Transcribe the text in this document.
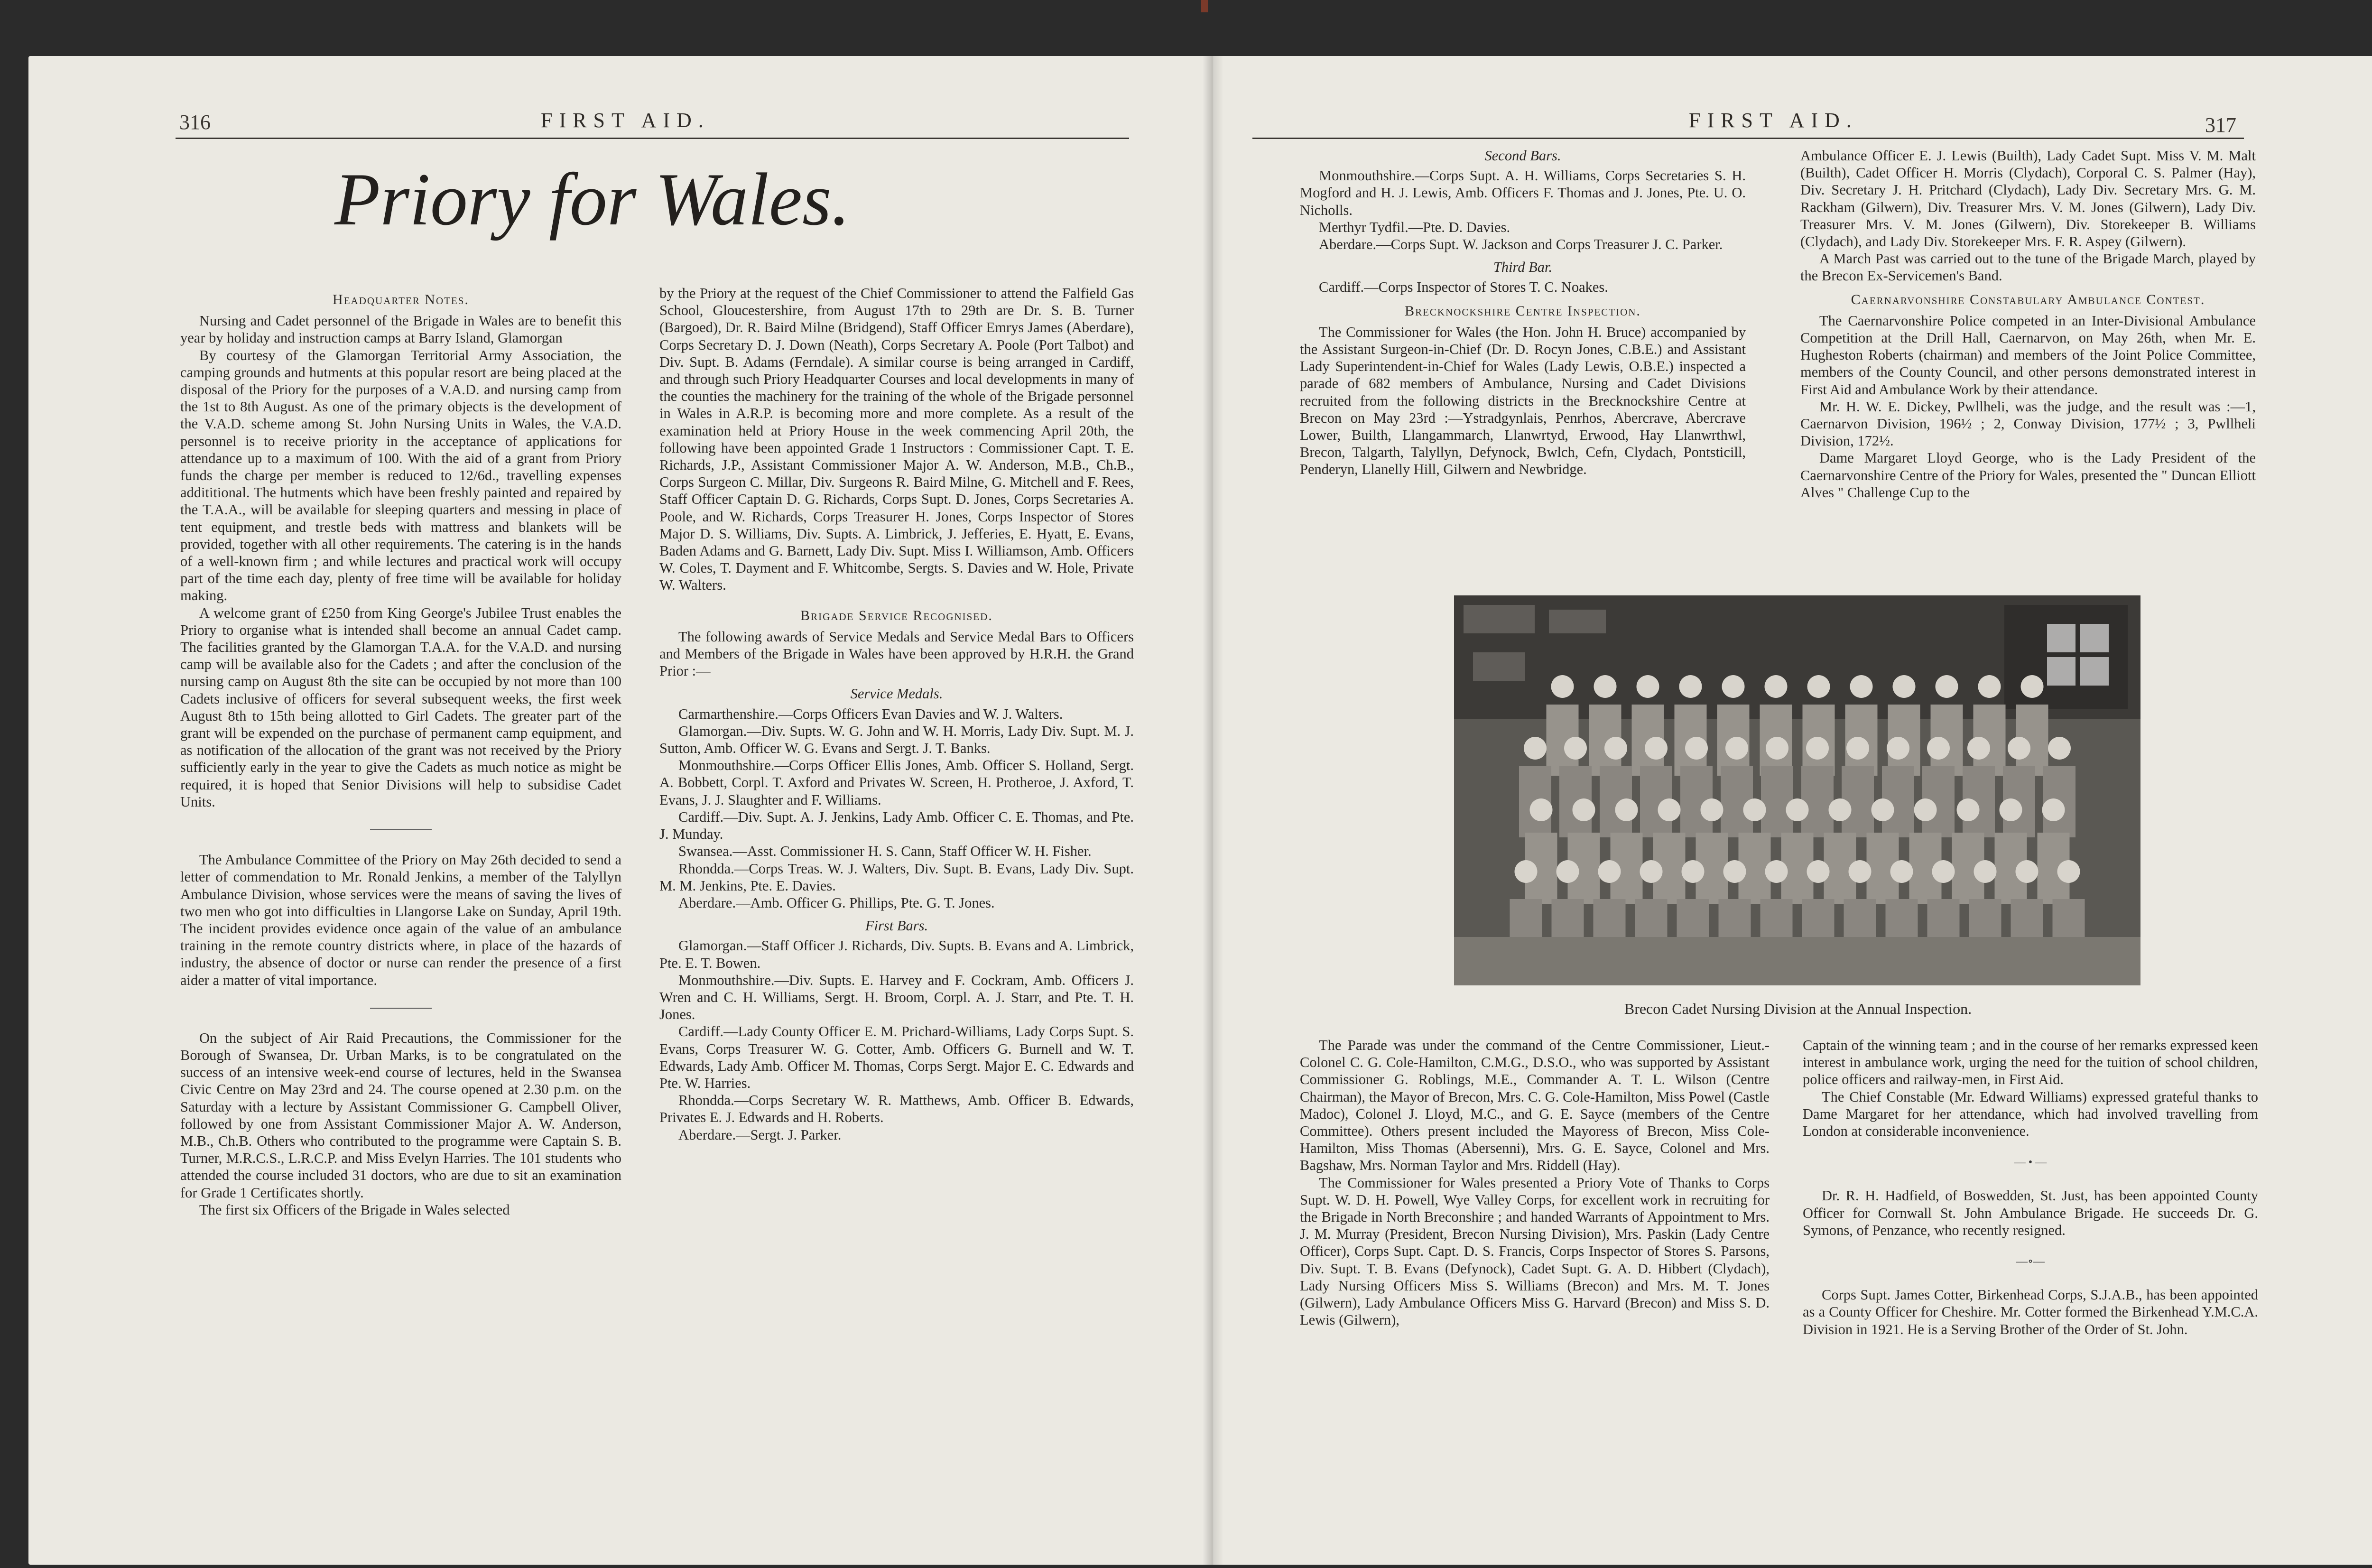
316	FIRST AID.
Priory for Wales.
Headquarter Notes.

Nursing and Cadet personnel of the Brigade in Wales are to benefit this year by holiday and instruction camps at Barry Island, Glamorgan

By courtesy of the Glamorgan Territorial Army Association, the camping grounds and hutments at this popular resort are being placed at the disposal of the Priory for the purposes of a V.A.D. and nursing camp from the 1st to 8th August. As one of the primary objects is the development of the V.A.D. scheme among St. John Nursing Units in Wales, the V.A.D. personnel is to receive priority in the acceptance of applications for attendance up to a maximum of 100. With the aid of a grant from Priory funds the charge per member is reduced to 12/6d., travelling expenses addititional. The hutments which have been freshly painted and repaired by the T.A.A., will be available for sleeping quarters and messing in place of tent equipment, and trestle beds with mattress and blankets will be provided, together with all other requirements. The catering is in the hands of a well-known firm ; and while lectures and practical work will occupy part of the time each day, plenty of free time will be available for holiday making.

A welcome grant of £250 from King George's Jubilee Trust enables the Priory to organise what is intended shall become an annual Cadet camp. The facilities granted by the Glamorgan T.A.A. for the V.A.D. and nursing camp will be available also for the Cadets ; and after the conclusion of the nursing camp on August 8th the site can be occupied by not more than 100 Cadets inclusive of officers for several subsequent weeks, the first week August 8th to 15th being allotted to Girl Cadets. The greater part of the grant will be expended on the purchase of permanent camp equipment, and as notification of the allocation of the grant was not received by the Priory sufficiently early in the year to give the Cadets as much notice as might be required, it is hoped that Senior Divisions will help to subsidise Cadet Units.

The Ambulance Committee of the Priory on May 26th decided to send a letter of commendation to Mr. Ronald Jenkins, a member of the Talyllyn Ambulance Division, whose services were the means of saving the lives of two men who got into difficulties in Llangorse Lake on Sunday, April 19th. The incident provides evidence once again of the value of an ambulance training in the remote country districts where, in place of the hazards of industry, the absence of doctor or nurse can render the presence of a first aider a matter of vital importance.

On the subject of Air Raid Precautions, the Commissioner for the Borough of Swansea, Dr. Urban Marks, is to be congratulated on the success of an intensive week-end course of lectures, held in the Swansea Civic Centre on May 23rd and 24. The course opened at 2.30 p.m. on the Saturday with a lecture by Assistant Commissioner G. Campbell Oliver, followed by one from Assistant Commissioner Major A. W. Anderson, M.B., Ch.B. Others who contributed to the programme were Captain S. B. Turner, M.R.C.S., L.R.C.P. and Miss Evelyn Harries. The 101 students who attended the course included 31 doctors, who are due to sit an examination for Grade 1 Certificates shortly.

The first six Officers of the Brigade in Wales selected

by the Priory at the request of the Chief Commissioner to attend the Falfield Gas School, Gloucestershire, from August 17th to 29th are Dr. S. B. Turner (Bargoed), Dr. R. Baird Milne (Bridgend), Staff Officer Emrys James (Aberdare), Corps Secretary D. J. Down (Neath), Corps Secretary A. Poole (Port Talbot) and Div. Supt. B. Adams (Ferndale). A similar course is being arranged in Cardiff, and through such Priory Headquarter Courses and local developments in many of the counties the machinery for the training of the whole of the Brigade personnel in Wales in A.R.P. is becoming more and more complete. As a result of the examination held at Priory House in the week commencing April 20th, the following have been appointed Grade 1 Instructors : Commissioner Capt. T. E. Richards, J.P., Assistant Commissioner Major A. W. Anderson, M.B., Ch.B., Corps Surgeon C. Millar, Div. Surgeons R. Baird Milne, G. Mitchell and F. Rees, Staff Officer Captain D. G. Richards, Corps Supt. D. Jones, Corps Secretaries A. Poole, and W. Richards, Corps Treasurer H. Jones, Corps Inspector of Stores Major D. S. Williams, Div. Supts. A. Limbrick, J. Jefferies, E. Hyatt, E. Evans, Baden Adams and G. Barnett, Lady Div. Supt. Miss I. Williamson, Amb. Officers W. Coles, T. Dayment and F. Whitcombe, Sergts. S. Davies and W. Hole, Private W. Walters.

Brigade Service Recognised.

The following awards of Service Medals and Service Medal Bars to Officers and Members of the Brigade in Wales have been approved by H.R.H. the Grand Prior :—

Service Medals.

Carmarthenshire.—Corps Officers Evan Davies and W. J. Walters.

Glamorgan.—Div. Supts. W. G. John and W. H. Morris, Lady Div. Supt. M. J. Sutton, Amb. Officer W. G. Evans and Sergt. J. T. Banks.

Monmouthshire.—Corps Officer Ellis Jones, Amb. Officer S. Holland, Sergt. A. Bobbett, Corpl. T. Axford and Privates W. Screen, H. Protheroe, J. Axford, T. Evans, J. J. Slaughter and F. Williams.

Cardiff.—Div. Supt. A. J. Jenkins, Lady Amb. Officer C. E. Thomas, and Pte. J. Munday.

Swansea.—Asst. Commissioner H. S. Cann, Staff Officer W. H. Fisher.

Rhondda.—Corps Treas. W. J. Walters, Div. Supt. B. Evans, Lady Div. Supt. M. M. Jenkins, Pte. E. Davies.

Aberdare.—Amb. Officer G. Phillips, Pte. G. T. Jones.

First Bars.

Glamorgan.—Staff Officer J. Richards, Div. Supts. B. Evans and A. Limbrick, Pte. E. T. Bowen.

Monmouthshire.—Div. Supts. E. Harvey and F. Cockram, Amb. Officers J. Wren and C. H. Williams, Sergt. H. Broom, Corpl. A. J. Starr, and Pte. T. H. Jones.

Cardiff.—Lady County Officer E. M. Prichard-Williams, Lady Corps Supt. S. Evans, Corps Treasurer W. G. Cotter, Amb. Officers G. Burnell and W. T. Edwards, Lady Amb. Officer M. Thomas, Corps Sergt. Major E. C. Edwards and Pte. W. Harries.

Rhondda.—Corps Secretary W. R. Matthews, Amb. Officer B. Edwards, Privates E. J. Edwards and H. Roberts.

Aberdare.—Sergt. J. Parker.

FIRST AID.	317
Second Bars.

Monmouthshire.—Corps Supt. A. H. Williams, Corps Secretaries S. H. Mogford and H. J. Lewis, Amb. Officers F. Thomas and J. Jones, Pte. U. O. Nicholls.

Merthyr Tydfil.—Pte. D. Davies.

Aberdare.—Corps Supt. W. Jackson and Corps Treasurer J. C. Parker.

Third Bar.

Cardiff.—Corps Inspector of Stores T. C. Noakes.

Brecknockshire Centre Inspection.

The Commissioner for Wales (the Hon. John H. Bruce) accompanied by the Assistant Surgeon-in-Chief (Dr. D. Rocyn Jones, C.B.E.) and Assistant Lady Superintendent-in-Chief for Wales (Lady Lewis, O.B.E.) inspected a parade of 682 members of Ambulance, Nursing and Cadet Divisions recruited from the following districts in the Brecknockshire Centre at Brecon on May 23rd :—Ystradgynlais, Penrhos, Abercrave, Abercrave Lower, Builth, Llangammarch, Llanwrtyd, Erwood, Hay Llanwrthwl, Brecon, Talgarth, Talyllyn, Defynock, Bwlch, Cefn, Clydach, Pontsticill, Penderyn, Llanelly Hill, Gilwern and Newbridge.

Ambulance Officer E. J. Lewis (Builth), Lady Cadet Supt. Miss V. M. Malt (Builth), Cadet Officer H. Morris (Clydach), Corporal C. S. Palmer (Hay), Div. Secretary J. H. Pritchard (Clydach), Lady Div. Secretary Mrs. G. M. Rackham (Gilwern), Div. Treasurer Mrs. V. M. Jones (Gilwern), Lady Div. Treasurer Mrs. V. M. Jones (Gilwern), Div. Storekeeper B. Williams (Clydach), and Lady Div. Storekeeper Mrs. F. R. Aspey (Gilwern).

A March Past was carried out to the tune of the Brigade March, played by the Brecon Ex-Servicemen's Band.

Caernarvonshire Constabulary Ambulance Contest.

The Caernarvonshire Police competed in an Inter-Divisional Ambulance Competition at the Drill Hall, Caernarvon, on May 26th, when Mr. E. Hugheston Roberts (chairman) and members of the Joint Police Committee, members of the County Council, and other persons demonstrated interest in First Aid and Ambulance Work by their attendance.

Mr. H. W. E. Dickey, Pwllheli, was the judge, and the result was :—1, Caernarvon Division, 196½ ; 2, Conway Division, 177½ ; 3, Pwllheli Division, 172½.

Dame Margaret Lloyd George, who is the Lady President of the Caernarvonshire Centre of the Priory for Wales, presented the " Duncan Elliott Alves " Challenge Cup to the

Brecon Cadet Nursing Division at the Annual Inspection.

The Parade was under the command of the Centre Commissioner, Lieut.-Colonel C. G. Cole-Hamilton, C.M.G., D.S.O., who was supported by Assistant Commissioner G. Roblings, M.E., Commander A. T. L. Wilson (Centre Chairman), the Mayor of Brecon, Mrs. C. G. Cole-Hamilton, Miss Powel (Castle Madoc), Colonel J. Lloyd, M.C., and G. E. Sayce (members of the Centre Committee). Others present included the Mayoress of Brecon, Miss Cole-Hamilton, Miss Thomas (Abersenni), Mrs. G. E. Sayce, Colonel and Mrs. Bagshaw, Mrs. Norman Taylor and Mrs. Riddell (Hay).

The Commissioner for Wales presented a Priory Vote of Thanks to Corps Supt. W. D. H. Powell, Wye Valley Corps, for excellent work in recruiting for the Brigade in North Breconshire ; and handed Warrants of Appointment to Mrs. J. M. Murray (President, Brecon Nursing Division), Mrs. Paskin (Lady Centre Officer), Corps Supt. Capt. D. S. Francis, Corps Inspector of Stores S. Parsons, Div. Supt. T. B. Evans (Defynock), Cadet Supt. G. A. D. Hibbert (Clydach), Lady Nursing Officers Miss S. Williams (Brecon) and Mrs. M. T. Jones (Gilwern), Lady Ambulance Officers Miss G. Harvard (Brecon) and Miss S. D. Lewis (Gilwern),

Captain of the winning team ; and in the course of her remarks expressed keen interest in ambulance work, urging the need for the tuition of school children, police officers and railway-men, in First Aid.

The Chief Constable (Mr. Edward Williams) expressed grateful thanks to Dame Margaret for her attendance, which had involved travelling from London at considerable inconvenience.

— • —

Dr. R. H. Hadfield, of Boswedden, St. Just, has been appointed County Officer for Cornwall St. John Ambulance Brigade. He succeeds Dr. G. Symons, of Penzance, who recently resigned.

—∘—

Corps Supt. James Cotter, Birkenhead Corps, S.J.A.B., has been appointed as a County Officer for Cheshire. Mr. Cotter formed the Birkenhead Y.M.C.A. Division in 1921. He is a Serving Brother of the Order of St. John.
